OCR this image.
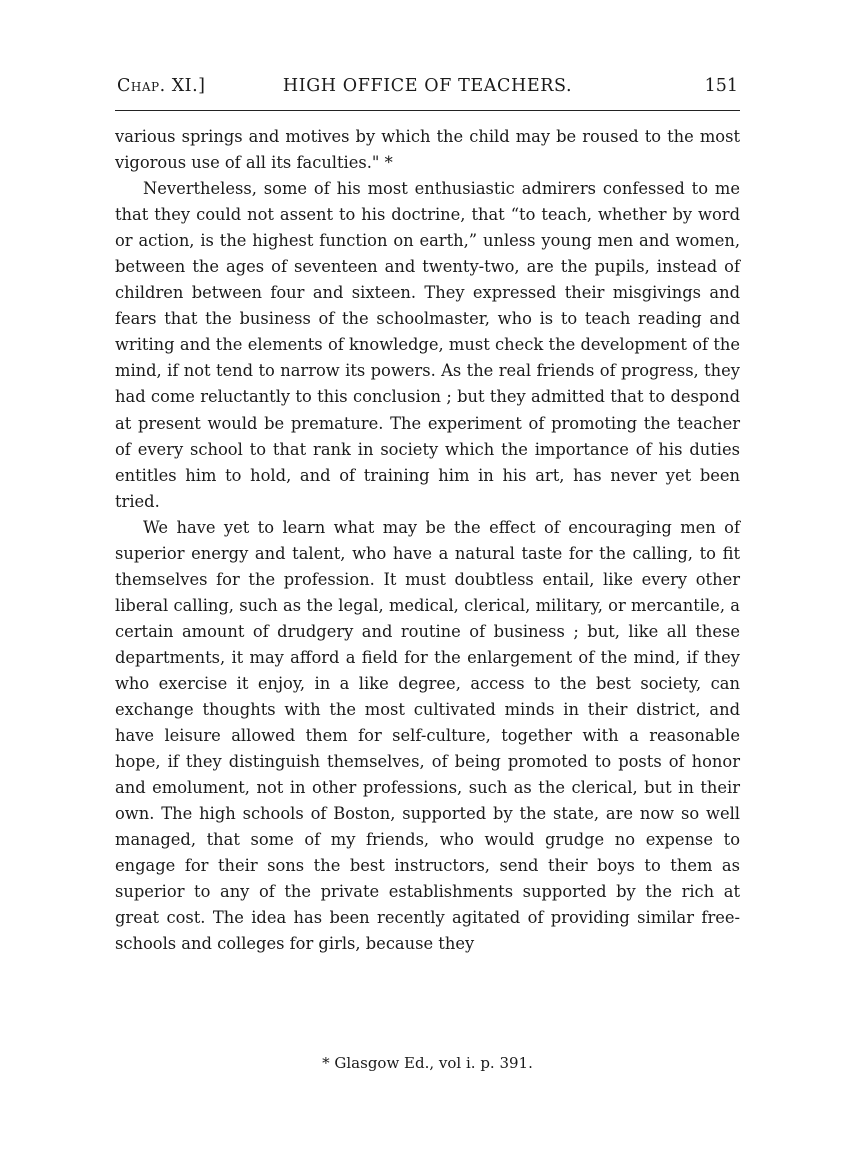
Chap. XI.]	HIGH OFFICE OF TEACHERS.	151

various springs and motives by which the child may be roused to the most vigorous use of all its faculties." *

Nevertheless, some of his most enthusiastic admirers confessed to me that they could not assent to his doctrine, that “to teach, whether by word or action, is the highest function on earth,” unless young men and women, between the ages of seventeen and twenty-two, are the pupils, instead of children between four and sixteen. They expressed their misgivings and fears that the business of the schoolmaster, who is to teach reading and writing and the elements of knowledge, must check the development of the mind, if not tend to narrow its powers. As the real friends of progress, they had come reluctantly to this conclusion ; but they admitted that to despond at present would be premature. The experiment of promoting the teacher of every school to that rank in society which the importance of his duties entitles him to hold, and of training him in his art, has never yet been tried.

We have yet to learn what may be the effect of encouraging men of superior energy and talent, who have a natural taste for the calling, to fit themselves for the profession. It must doubtless entail, like every other liberal calling, such as the legal, medical, clerical, military, or mercantile, a certain amount of drudgery and routine of business ; but, like all these departments, it may afford a field for the enlargement of the mind, if they who exercise it enjoy, in a like degree, access to the best society, can exchange thoughts with the most cultivated minds in their district, and have leisure allowed them for self-culture, together with a reasonable hope, if they distinguish themselves, of being promoted to posts of honor and emolument, not in other professions, such as the clerical, but in their own. The high schools of Boston, supported by the state, are now so well managed, that some of my friends, who would grudge no expense to engage for their sons the best instructors, send their boys to them as superior to any of the private establishments supported by the rich at great cost. The idea has been recently agitated of providing similar free-schools and colleges for girls, because they

* Glasgow Ed., vol i. p. 391.
